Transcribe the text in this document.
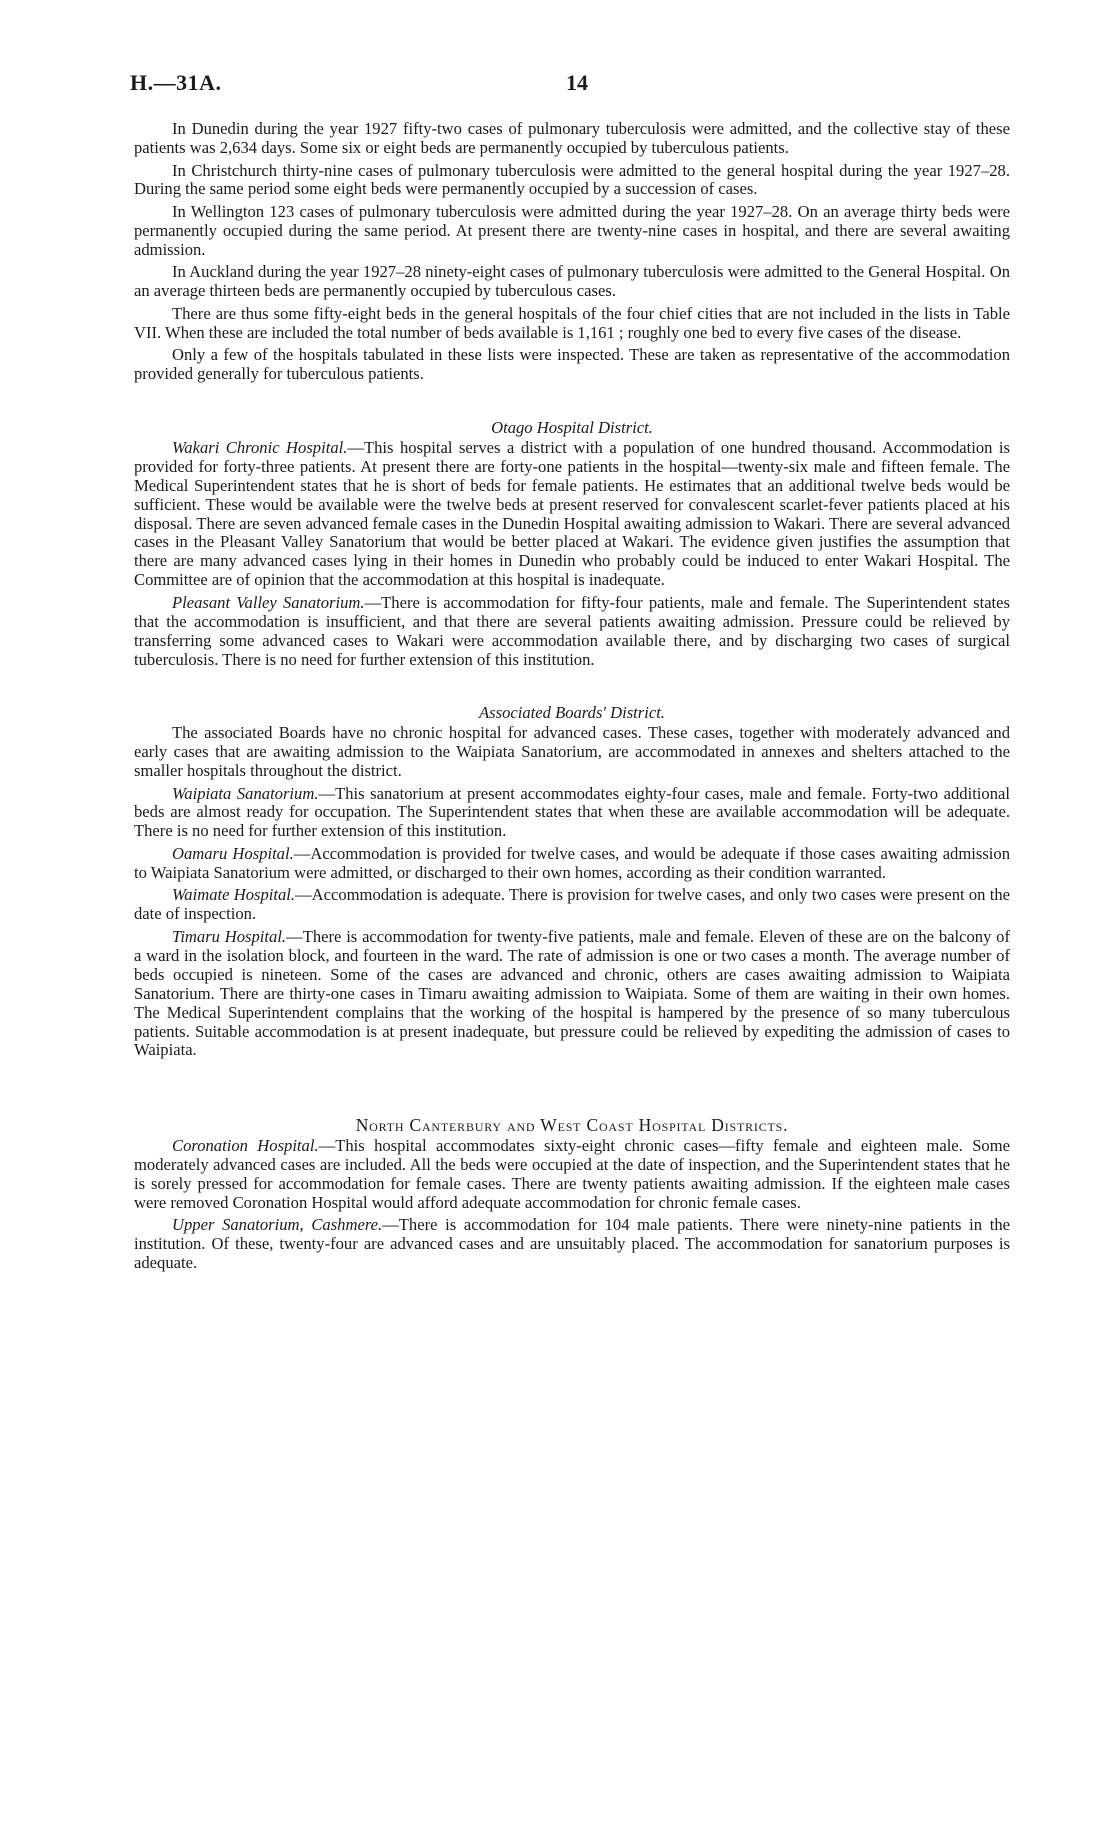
H.—31A.	14

In Dunedin during the year 1927 fifty-two cases of pulmonary tuberculosis were admitted, and the collective stay of these patients was 2,634 days. Some six or eight beds are permanently occupied by tuberculous patients.

In Christchurch thirty-nine cases of pulmonary tuberculosis were admitted to the general hospital during the year 1927–28. During the same period some eight beds were permanently occupied by a succession of cases.

In Wellington 123 cases of pulmonary tuberculosis were admitted during the year 1927–28. On an average thirty beds were permanently occupied during the same period. At present there are twenty-nine cases in hospital, and there are several awaiting admission.

In Auckland during the year 1927–28 ninety-eight cases of pulmonary tuberculosis were admitted to the General Hospital. On an average thirteen beds are permanently occupied by tuberculous cases.

There are thus some fifty-eight beds in the general hospitals of the four chief cities that are not included in the lists in Table VII. When these are included the total number of beds available is 1,161 ; roughly one bed to every five cases of the disease.

Only a few of the hospitals tabulated in these lists were inspected. These are taken as representative of the accommodation provided generally for tuberculous patients.

Otago Hospital District.

Wakari Chronic Hospital.—This hospital serves a district with a population of one hundred thousand. Accommodation is provided for forty-three patients. At present there are forty-one patients in the hospital—twenty-six male and fifteen female. The Medical Superintendent states that he is short of beds for female patients. He estimates that an additional twelve beds would be sufficient. These would be available were the twelve beds at present reserved for convalescent scarlet-fever patients placed at his disposal. There are seven advanced female cases in the Dunedin Hospital awaiting admission to Wakari. There are several advanced cases in the Pleasant Valley Sanatorium that would be better placed at Wakari. The evidence given justifies the assumption that there are many advanced cases lying in their homes in Dunedin who probably could be induced to enter Wakari Hospital. The Committee are of opinion that the accommodation at this hospital is inadequate.

Pleasant Valley Sanatorium.—There is accommodation for fifty-four patients, male and female. The Superintendent states that the accommodation is insufficient, and that there are several patients awaiting admission. Pressure could be relieved by transferring some advanced cases to Wakari were accommodation available there, and by discharging two cases of surgical tuberculosis. There is no need for further extension of this institution.

Associated Boards' District.

The associated Boards have no chronic hospital for advanced cases. These cases, together with moderately advanced and early cases that are awaiting admission to the Waipiata Sanatorium, are accommodated in annexes and shelters attached to the smaller hospitals throughout the district.

Waipiata Sanatorium.—This sanatorium at present accommodates eighty-four cases, male and female. Forty-two additional beds are almost ready for occupation. The Superintendent states that when these are available accommodation will be adequate. There is no need for further extension of this institution.

Oamaru Hospital.—Accommodation is provided for twelve cases, and would be adequate if those cases awaiting admission to Waipiata Sanatorium were admitted, or discharged to their own homes, according as their condition warranted.

Waimate Hospital.—Accommodation is adequate. There is provision for twelve cases, and only two cases were present on the date of inspection.

Timaru Hospital.—There is accommodation for twenty-five patients, male and female. Eleven of these are on the balcony of a ward in the isolation block, and fourteen in the ward. The rate of admission is one or two cases a month. The average number of beds occupied is nineteen. Some of the cases are advanced and chronic, others are cases awaiting admission to Waipiata Sanatorium. There are thirty-one cases in Timaru awaiting admission to Waipiata. Some of them are waiting in their own homes. The Medical Superintendent complains that the working of the hospital is hampered by the presence of so many tuberculous patients. Suitable accommodation is at present inadequate, but pressure could be relieved by expediting the admission of cases to Waipiata.

North Canterbury and West Coast Hospital Districts.

Coronation Hospital.—This hospital accommodates sixty-eight chronic cases—fifty female and eighteen male. Some moderately advanced cases are included. All the beds were occupied at the date of inspection, and the Superintendent states that he is sorely pressed for accommodation for female cases. There are twenty patients awaiting admission. If the eighteen male cases were removed Coronation Hospital would afford adequate accommodation for chronic female cases.

Upper Sanatorium, Cashmere.—There is accommodation for 104 male patients. There were ninety-nine patients in the institution. Of these, twenty-four are advanced cases and are unsuitably placed. The accommodation for sanatorium purposes is adequate.
